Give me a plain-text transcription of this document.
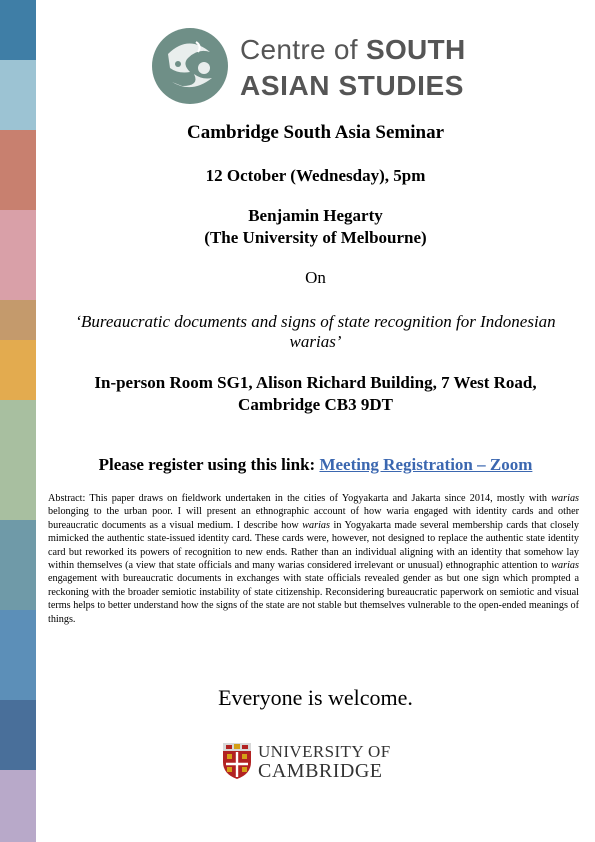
Centre of SOUTH
ASIAN STUDIES
Cambridge South Asia Seminar
12 October (Wednesday), 5pm
Benjamin Hegarty
(The University of Melbourne)
On
‘Bureaucratic documents and signs of state recognition for Indonesian warias’
In-person Room SG1, Alison Richard Building, 7 West Road,
Cambridge CB3 9DT
Please register using this link: Meeting Registration – Zoom
Abstract: This paper draws on fieldwork undertaken in the cities of Yogyakarta and Jakarta since 2014, mostly with warias belonging to the urban poor. I will present an ethnographic account of how waria engaged with identity cards and other bureaucratic documents as a visual medium. I describe how warias in Yogyakarta made several membership cards that closely mimicked the authentic state-issued identity card. These cards were, however, not designed to replace the authentic state identity card but reworked its powers of recognition to new ends. Rather than an individual aligning with an identity that somehow lay within themselves (a view that state officials and many warias considered irrelevant or unusual) ethnographic attention to warias engagement with bureaucratic documents in exchanges with state officials revealed gender as but one sign which prompted a reckoning with the broader semiotic instability of state citizenship. Reconsidering bureaucratic paperwork on semiotic and visual terms helps to better understand how the signs of the state are not stable but themselves vulnerable to the open-ended meanings of things.
Everyone is welcome.
UNIVERSITY OF
CAMBRIDGE
